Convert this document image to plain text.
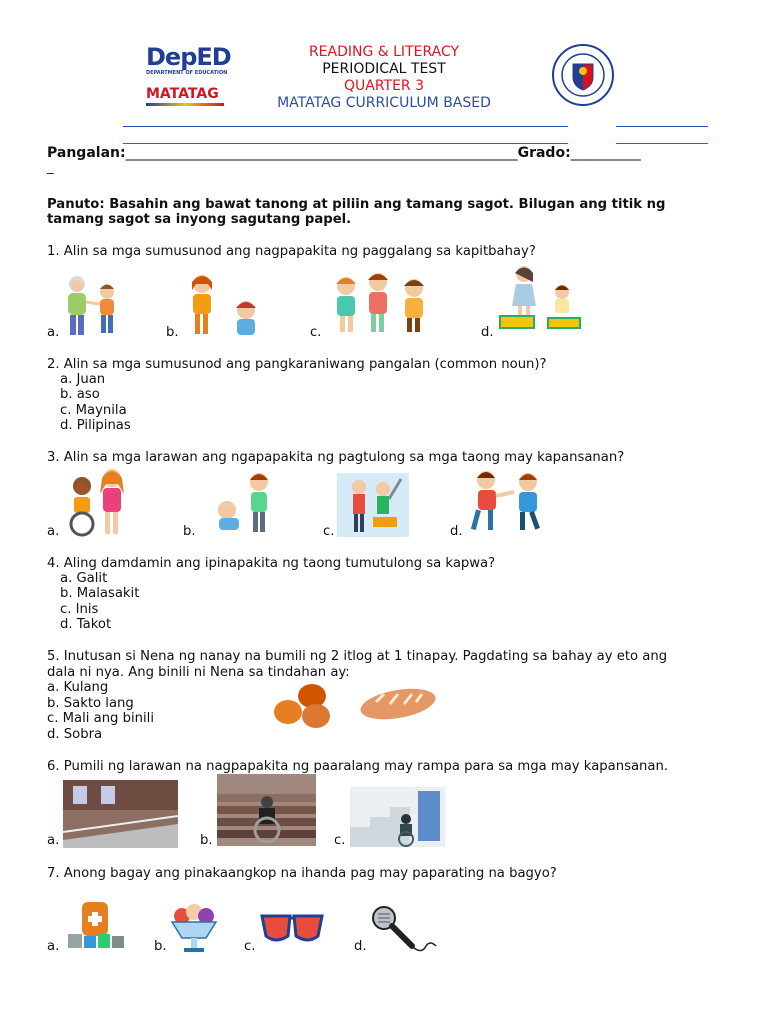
DepED
DEPARTMENT OF EDUCATION
MATATAG
READING & LITERACY
PERIODICAL TEST
QUARTER 3
MATATAG CURRICULUM BASED
Pangalan:________________________________________________________Grado:__________
_
Panuto: Basahin ang bawat tanong at piliin ang tamang sagot. Bilugan ang titik ng
tamang sagot sa inyong sagutang papel.
1. Alin sa mga sumusunod ang nagpapakita ng paggalang sa kapitbahay?
a.	b.	c.	d.
2. Alin sa mga sumusunod ang pangkaraniwang pangalan (common noun)?
a. Juan
b. aso
c. Maynila
d. Pilipinas
3. Alin sa mga larawan ang ngapapakita ng pagtulong sa mga taong may kapansanan?
a.	b.	c.	d.
4. Aling damdamin ang ipinapakita ng taong tumutulong sa kapwa?
a. Galit
b. Malasakit
c. Inis
d. Takot
5. Inutusan si Nena ng nanay na bumili ng 2 itlog at 1 tinapay. Pagdating sa bahay ay eto ang
dala ni nya. Ang binili ni Nena sa tindahan ay:
a. Kulang
b. Sakto lang
c. Mali ang binili
d. Sobra
6. Pumili ng larawan na nagpapakita ng paaralang may rampa para sa mga may kapansanan.
a.	b.	c.
7. Anong bagay ang pinakaangkop na ihanda pag may paparating na bagyo?
a.	b.	c.	d.
